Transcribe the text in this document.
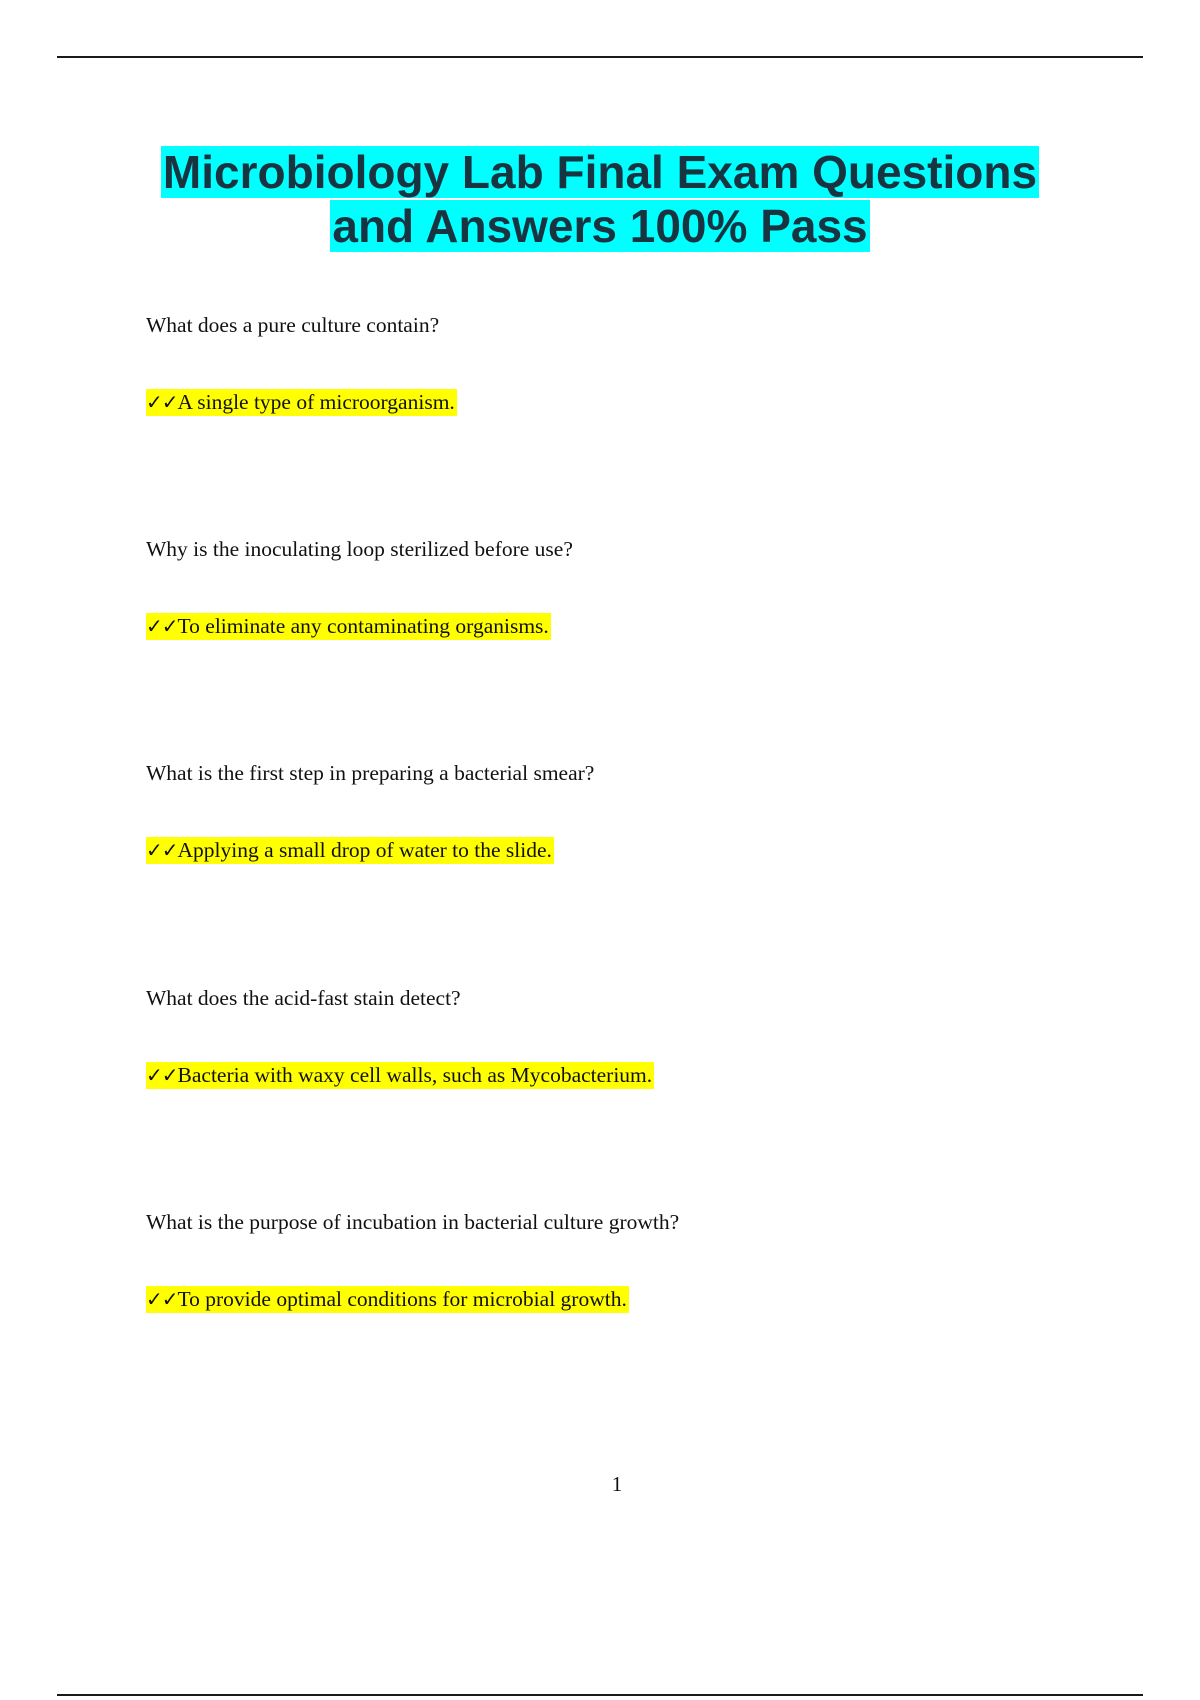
Microbiology Lab Final Exam Questions
and Answers 100% Pass
What does a pure culture contain?
✓✓A single type of microorganism.
Why is the inoculating loop sterilized before use?
✓✓To eliminate any contaminating organisms.
What is the first step in preparing a bacterial smear?
✓✓Applying a small drop of water to the slide.
What does the acid-fast stain detect?
✓✓Bacteria with waxy cell walls, such as Mycobacterium.
What is the purpose of incubation in bacterial culture growth?
✓✓To provide optimal conditions for microbial growth.
1
